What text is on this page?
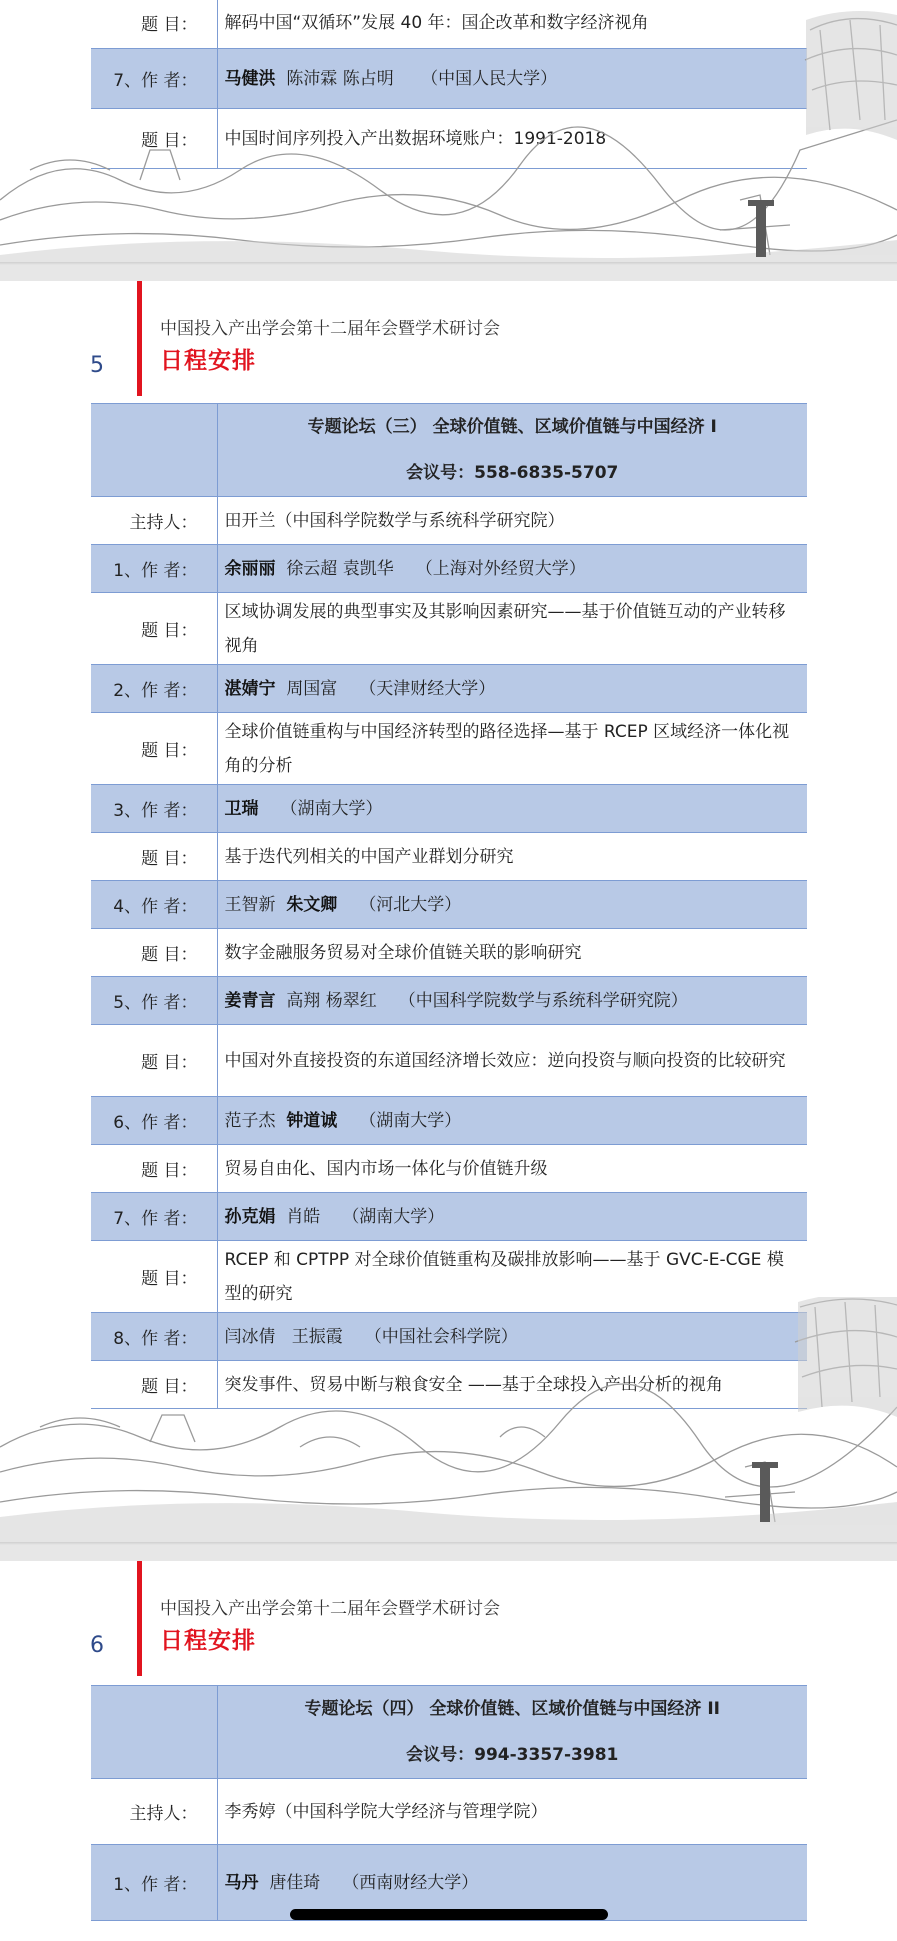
题 目：	解码中国“双循环”发展 40 年：国企改革和数字经济视角
7、作 者：	马健洪 陈沛霖 陈占明 （中国人民大学）
题 目：	中国时间序列投入产出数据环境账户：1991-2018
中国投入产出学会第十二届年会暨学术研讨会
日程安排
5
	专题论坛（三） 全球价值链、区域价值链与中国经济 I
	会议号：558-6835-5707
主持人：	田开兰（中国科学院数学与系统科学研究院）
1、作 者：	余丽丽 徐云超 袁凯华 （上海对外经贸大学）
题 目：	区域协调发展的典型事实及其影响因素研究——基于价值链互动的产业转移视角
2、作 者：	湛婧宁 周国富 （天津财经大学）
题 目：	全球价值链重构与中国经济转型的路径选择—基于 RCEP 区域经济一体化视角的分析
3、作 者：	卫瑞 （湖南大学）
题 目：	基于迭代列相关的中国产业群划分研究
4、作 者：	王智新 朱文卿 （河北大学）
题 目：	数字金融服务贸易对全球价值链关联的影响研究
5、作 者：	姜青言 高翔 杨翠红 （中国科学院数学与系统科学研究院）
题 目：	中国对外直接投资的东道国经济增长效应：逆向投资与顺向投资的比较研究
6、作 者：	范子杰 钟道诚 （湖南大学）
题 目：	贸易自由化、国内市场一体化与价值链升级
7、作 者：	孙克娟 肖皓 （湖南大学）
题 目：	RCEP 和 CPTPP 对全球价值链重构及碳排放影响——基于 GVC-E-CGE 模型的研究
8、作 者：	闫冰倩 王振霞 （中国社会科学院）
题 目：	突发事件、贸易中断与粮食安全 ——基于全球投入产出分析的视角
中国投入产出学会第十二届年会暨学术研讨会
日程安排
6
	专题论坛（四） 全球价值链、区域价值链与中国经济 II
	会议号：994-3357-3981
主持人：	李秀婷（中国科学院大学经济与管理学院）
1、作 者：	马丹 唐佳琦 （西南财经大学）
